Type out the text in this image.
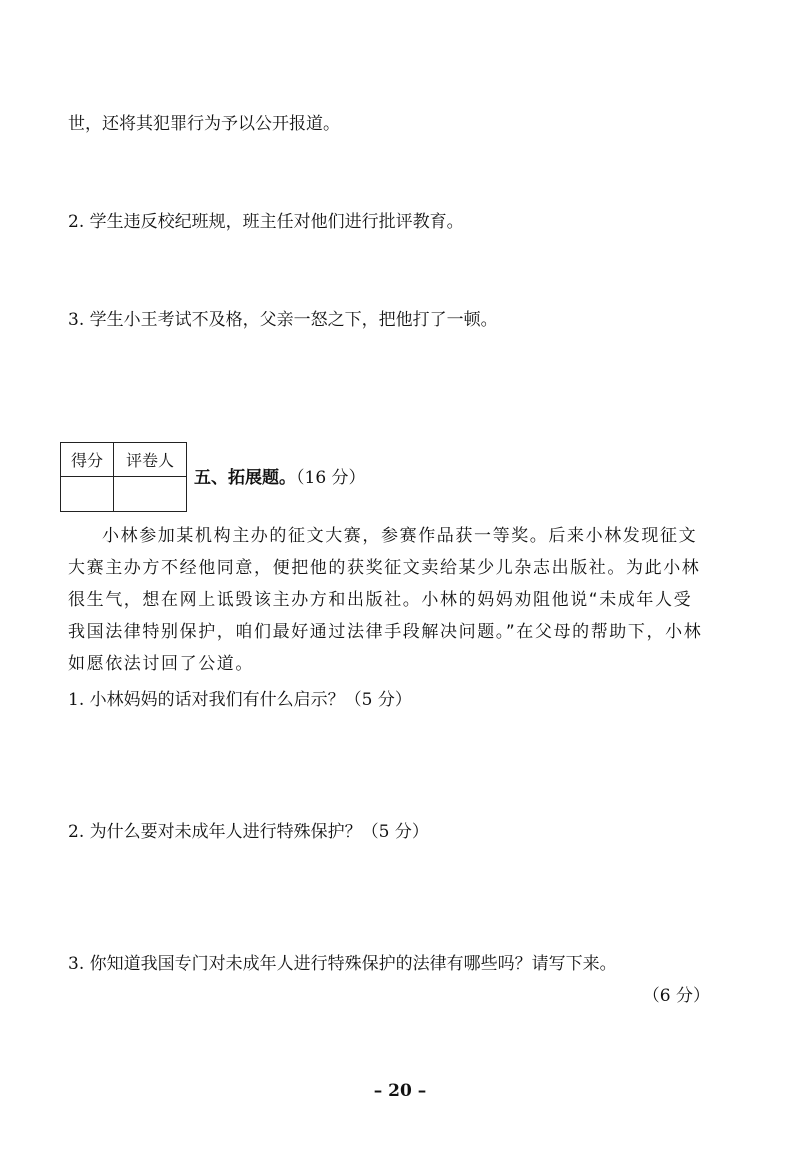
世，还将其犯罪行为予以公开报道。
2. 学生违反校纪班规，班主任对他们进行批评教育。
3. 学生小王考试不及格，父亲一怒之下，把他打了一顿。
得分	评卷人

五、拓展题。（16 分）
小林参加某机构主办的征文大赛，参赛作品获一等奖。后来小林发现征文大赛主办方不经他同意，便把他的获奖征文卖给某少儿杂志出版社。为此小林很生气，想在网上诋毁该主办方和出版社。小林的妈妈劝阻他说“未成年人受我国法律特别保护，咱们最好通过法律手段解决问题。”在父母的帮助下，小林如愿依法讨回了公道。
1. 小林妈妈的话对我们有什么启示？（5 分）
2. 为什么要对未成年人进行特殊保护？（5 分）
3. 你知道我国专门对未成年人进行特殊保护的法律有哪些吗？请写下来。
（6 分）
– 20 –
